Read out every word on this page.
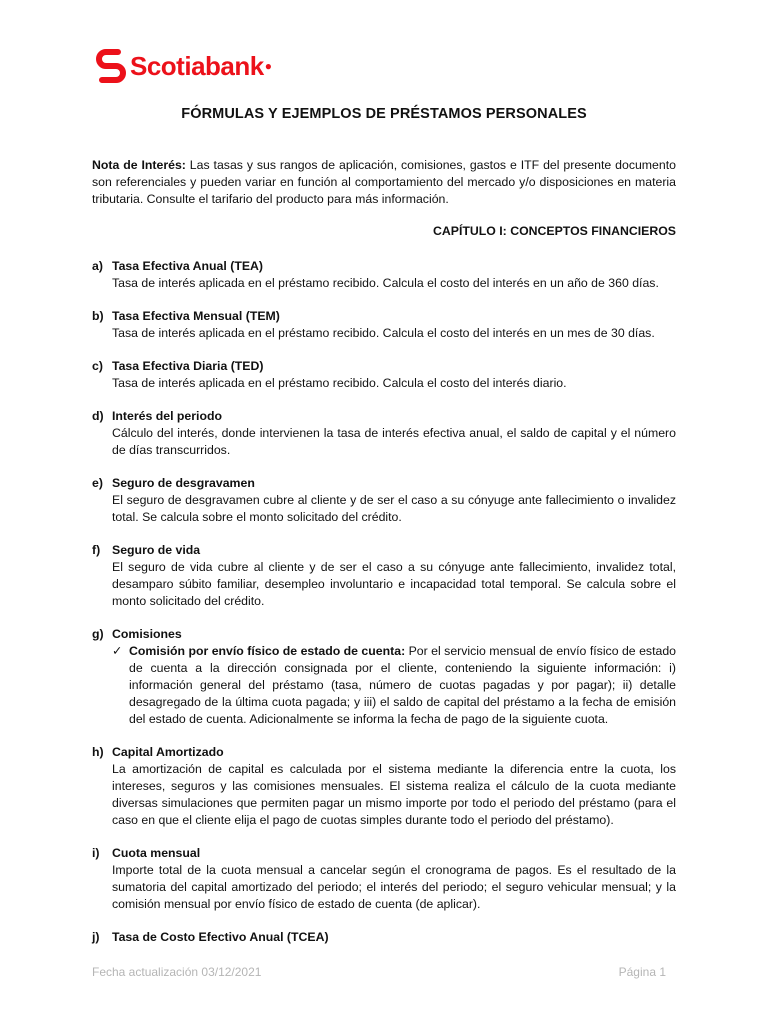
Scotiabank ●
FÓRMULAS Y EJEMPLOS DE PRÉSTAMOS PERSONALES
Nota de Interés: Las tasas y sus rangos de aplicación, comisiones, gastos e ITF del presente documento son referenciales y pueden variar en función al comportamiento del mercado y/o disposiciones en materia tributaria. Consulte el tarifario del producto para más información.
CAPÍTULO I: CONCEPTOS FINANCIEROS
a) Tasa Efectiva Anual (TEA)
Tasa de interés aplicada en el préstamo recibido. Calcula el costo del interés en un año de 360 días.
b) Tasa Efectiva Mensual (TEM)
Tasa de interés aplicada en el préstamo recibido. Calcula el costo del interés en un mes de 30 días.
c) Tasa Efectiva Diaria (TED)
Tasa de interés aplicada en el préstamo recibido. Calcula el costo del interés diario.
d) Interés del periodo
Cálculo del interés, donde intervienen la tasa de interés efectiva anual, el saldo de capital y el número de días transcurridos.
e) Seguro de desgravamen
El seguro de desgravamen cubre al cliente y de ser el caso a su cónyuge ante fallecimiento o invalidez total. Se calcula sobre el monto solicitado del crédito.
f) Seguro de vida
El seguro de vida cubre al cliente y de ser el caso a su cónyuge ante fallecimiento, invalidez total, desamparo súbito familiar, desempleo involuntario e incapacidad total temporal. Se calcula sobre el monto solicitado del crédito.
g) Comisiones
✓ Comisión por envío físico de estado de cuenta: Por el servicio mensual de envío físico de estado de cuenta a la dirección consignada por el cliente, conteniendo la siguiente información: i) información general del préstamo (tasa, número de cuotas pagadas y por pagar); ii) detalle desagregado de la última cuota pagada; y iii) el saldo de capital del préstamo a la fecha de emisión del estado de cuenta. Adicionalmente se informa la fecha de pago de la siguiente cuota.
h) Capital Amortizado
La amortización de capital es calculada por el sistema mediante la diferencia entre la cuota, los intereses, seguros y las comisiones mensuales. El sistema realiza el cálculo de la cuota mediante diversas simulaciones que permiten pagar un mismo importe por todo el periodo del préstamo (para el caso en que el cliente elija el pago de cuotas simples durante todo el periodo del préstamo).
i)	Cuota mensual
Importe total de la cuota mensual a cancelar según el cronograma de pagos. Es el resultado de la sumatoria del capital amortizado del periodo; el interés del periodo; el seguro vehicular mensual; y la comisión mensual por envío físico de estado de cuenta (de aplicar).
j)	Tasa de Costo Efectivo Anual (TCEA)
Fecha actualización 03/12/2021	Página 1
